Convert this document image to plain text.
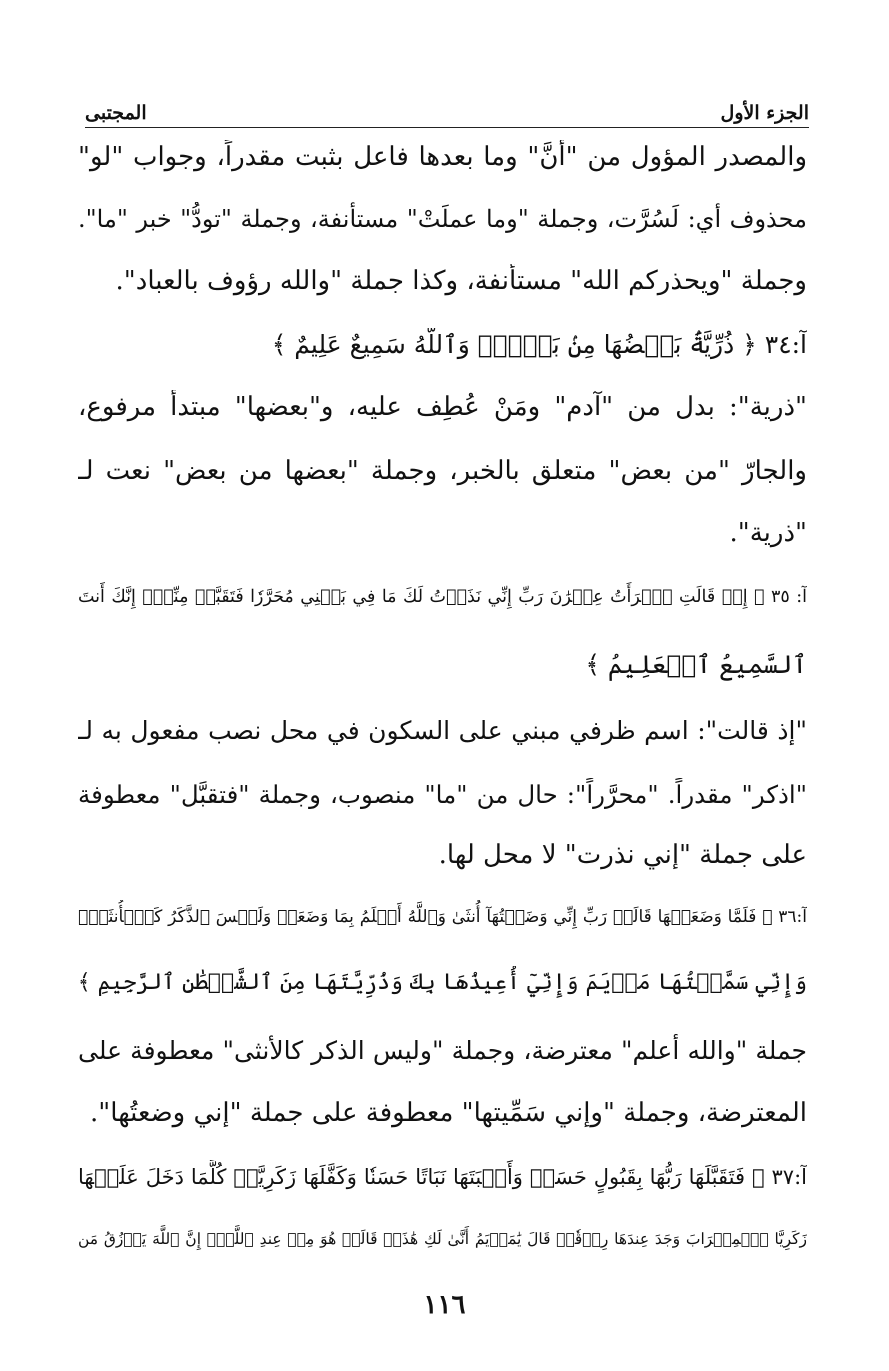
المجتبى	الجزء الأول
والمصدر المؤول من "أنَّ" وما بعدها فاعل بثبت مقدراً، وجواب "لو"
محذوف أي: لَسُرَّت، وجملة "وما عملَتْ" مستأنفة، وجملة "تودُّ" خبر "ما".
وجملة "ويحذركم الله" مستأنفة، وكذا جملة "والله رؤوف بالعباد".
آ:٣٤ ﴿ ذُرِّيَّةَۢ بَعۡضُهَا مِنۢ بَعۡضٖۗ وَٱللَّهُ سَمِيعٌ عَلِيمٌ ﴾
"ذرية": بدل من "آدم" ومَنْ عُطِف عليه، و"بعضها" مبتدأ مرفوع،
والجارّ "من بعض" متعلق بالخبر، وجملة "بعضها من بعض" نعت لـ
"ذرية".
آ: ٣٥ ﴿ إِذۡ قَالَتِ ٱمۡرَأَتُ عِمۡرَٰنَ رَبِّ إِنِّي نَذَرۡتُ لَكَ مَا فِي بَطۡنِي مُحَرَّرٗا فَتَقَبَّلۡ مِنِّيٓۖ إِنَّكَ أَنتَ
ٱلسَّمِيعُ ٱلۡعَلِيمُ ﴾
"إذ قالت": اسم ظرفي مبني على السكون في محل نصب مفعول به لـ
"اذكر" مقدراً. "محرَّراً": حال من "ما" منصوب، وجملة "فتقبَّل" معطوفة
على جملة "إني نذرت" لا محل لها.
آ:٣٦ ﴿ فَلَمَّا وَضَعَتۡهَا قَالَتۡ رَبِّ إِنِّي وَضَعۡتُهَآ أُنثَىٰ وَٱللَّهُ أَعۡلَمُ بِمَا وَضَعَتۡ وَلَيۡسَ ٱلذَّكَرُ كَٱلۡأُنثَىٰۖ
وَإِنِّي سَمَّيۡتُهَا مَرۡيَمَ وَإِنِّيٓ أُعِيذُهَا بِكَ وَذُرِّيَّتَهَا مِنَ ٱلشَّيۡطَٰنِ ٱلرَّجِيمِ ﴾
جملة "والله أعلم" معترضة، وجملة "وليس الذكر كالأنثى" معطوفة على
المعترضة، وجملة "وإني سَمِّيتها" معطوفة على جملة "إني وضعتُها".
آ:٣٧ ﴿ فَتَقَبَّلَهَا رَبُّهَا بِقَبُولٍ حَسَنٖ وَأَنۢبَتَهَا نَبَاتًا حَسَنٗا وَكَفَّلَهَا زَكَرِيَّاۖ كُلَّمَا دَخَلَ عَلَيۡهَا
زَكَرِيَّا ٱلۡمِحۡرَابَ وَجَدَ عِندَهَا رِزۡقٗاۖ قَالَ يَٰمَرۡيَمُ أَنَّىٰ لَكِ هَٰذَاۖ قَالَتۡ هُوَ مِنۡ عِندِ ٱللَّهِۖ إِنَّ ٱللَّهَ يَرۡزُقُ مَن
١١٦
